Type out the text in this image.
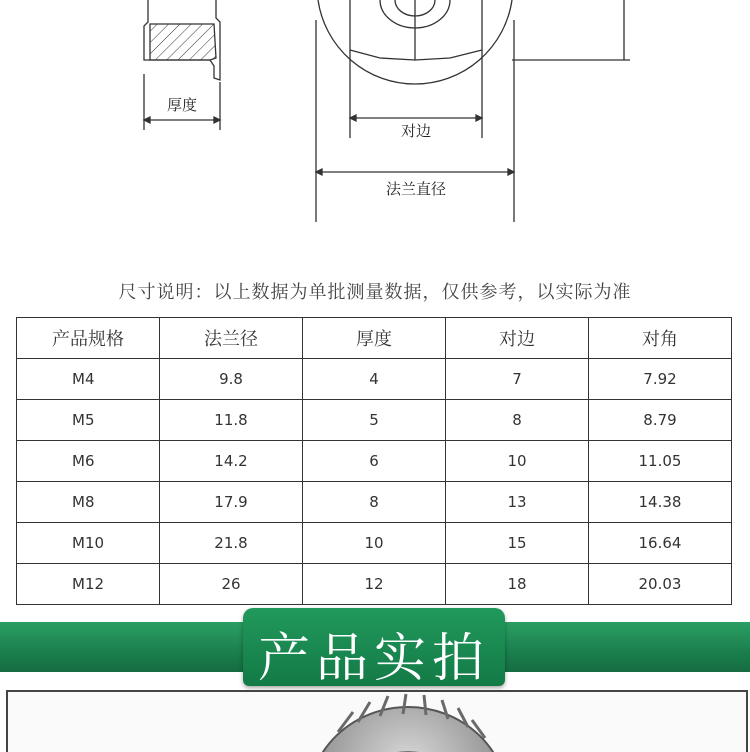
厚度
对边
法兰直径
尺寸说明：以上数据为单批测量数据，仅供参考，以实际为准
产品规格	法兰径	厚度	对边	对角
M4	9.8	4	7	7.92
M5	11.8	5	8	8.79
M6	14.2	6	10	11.05
M8	17.9	8	13	14.38
M10	21.8	10	15	16.64
M12	26	12	18	20.03
产品实拍
